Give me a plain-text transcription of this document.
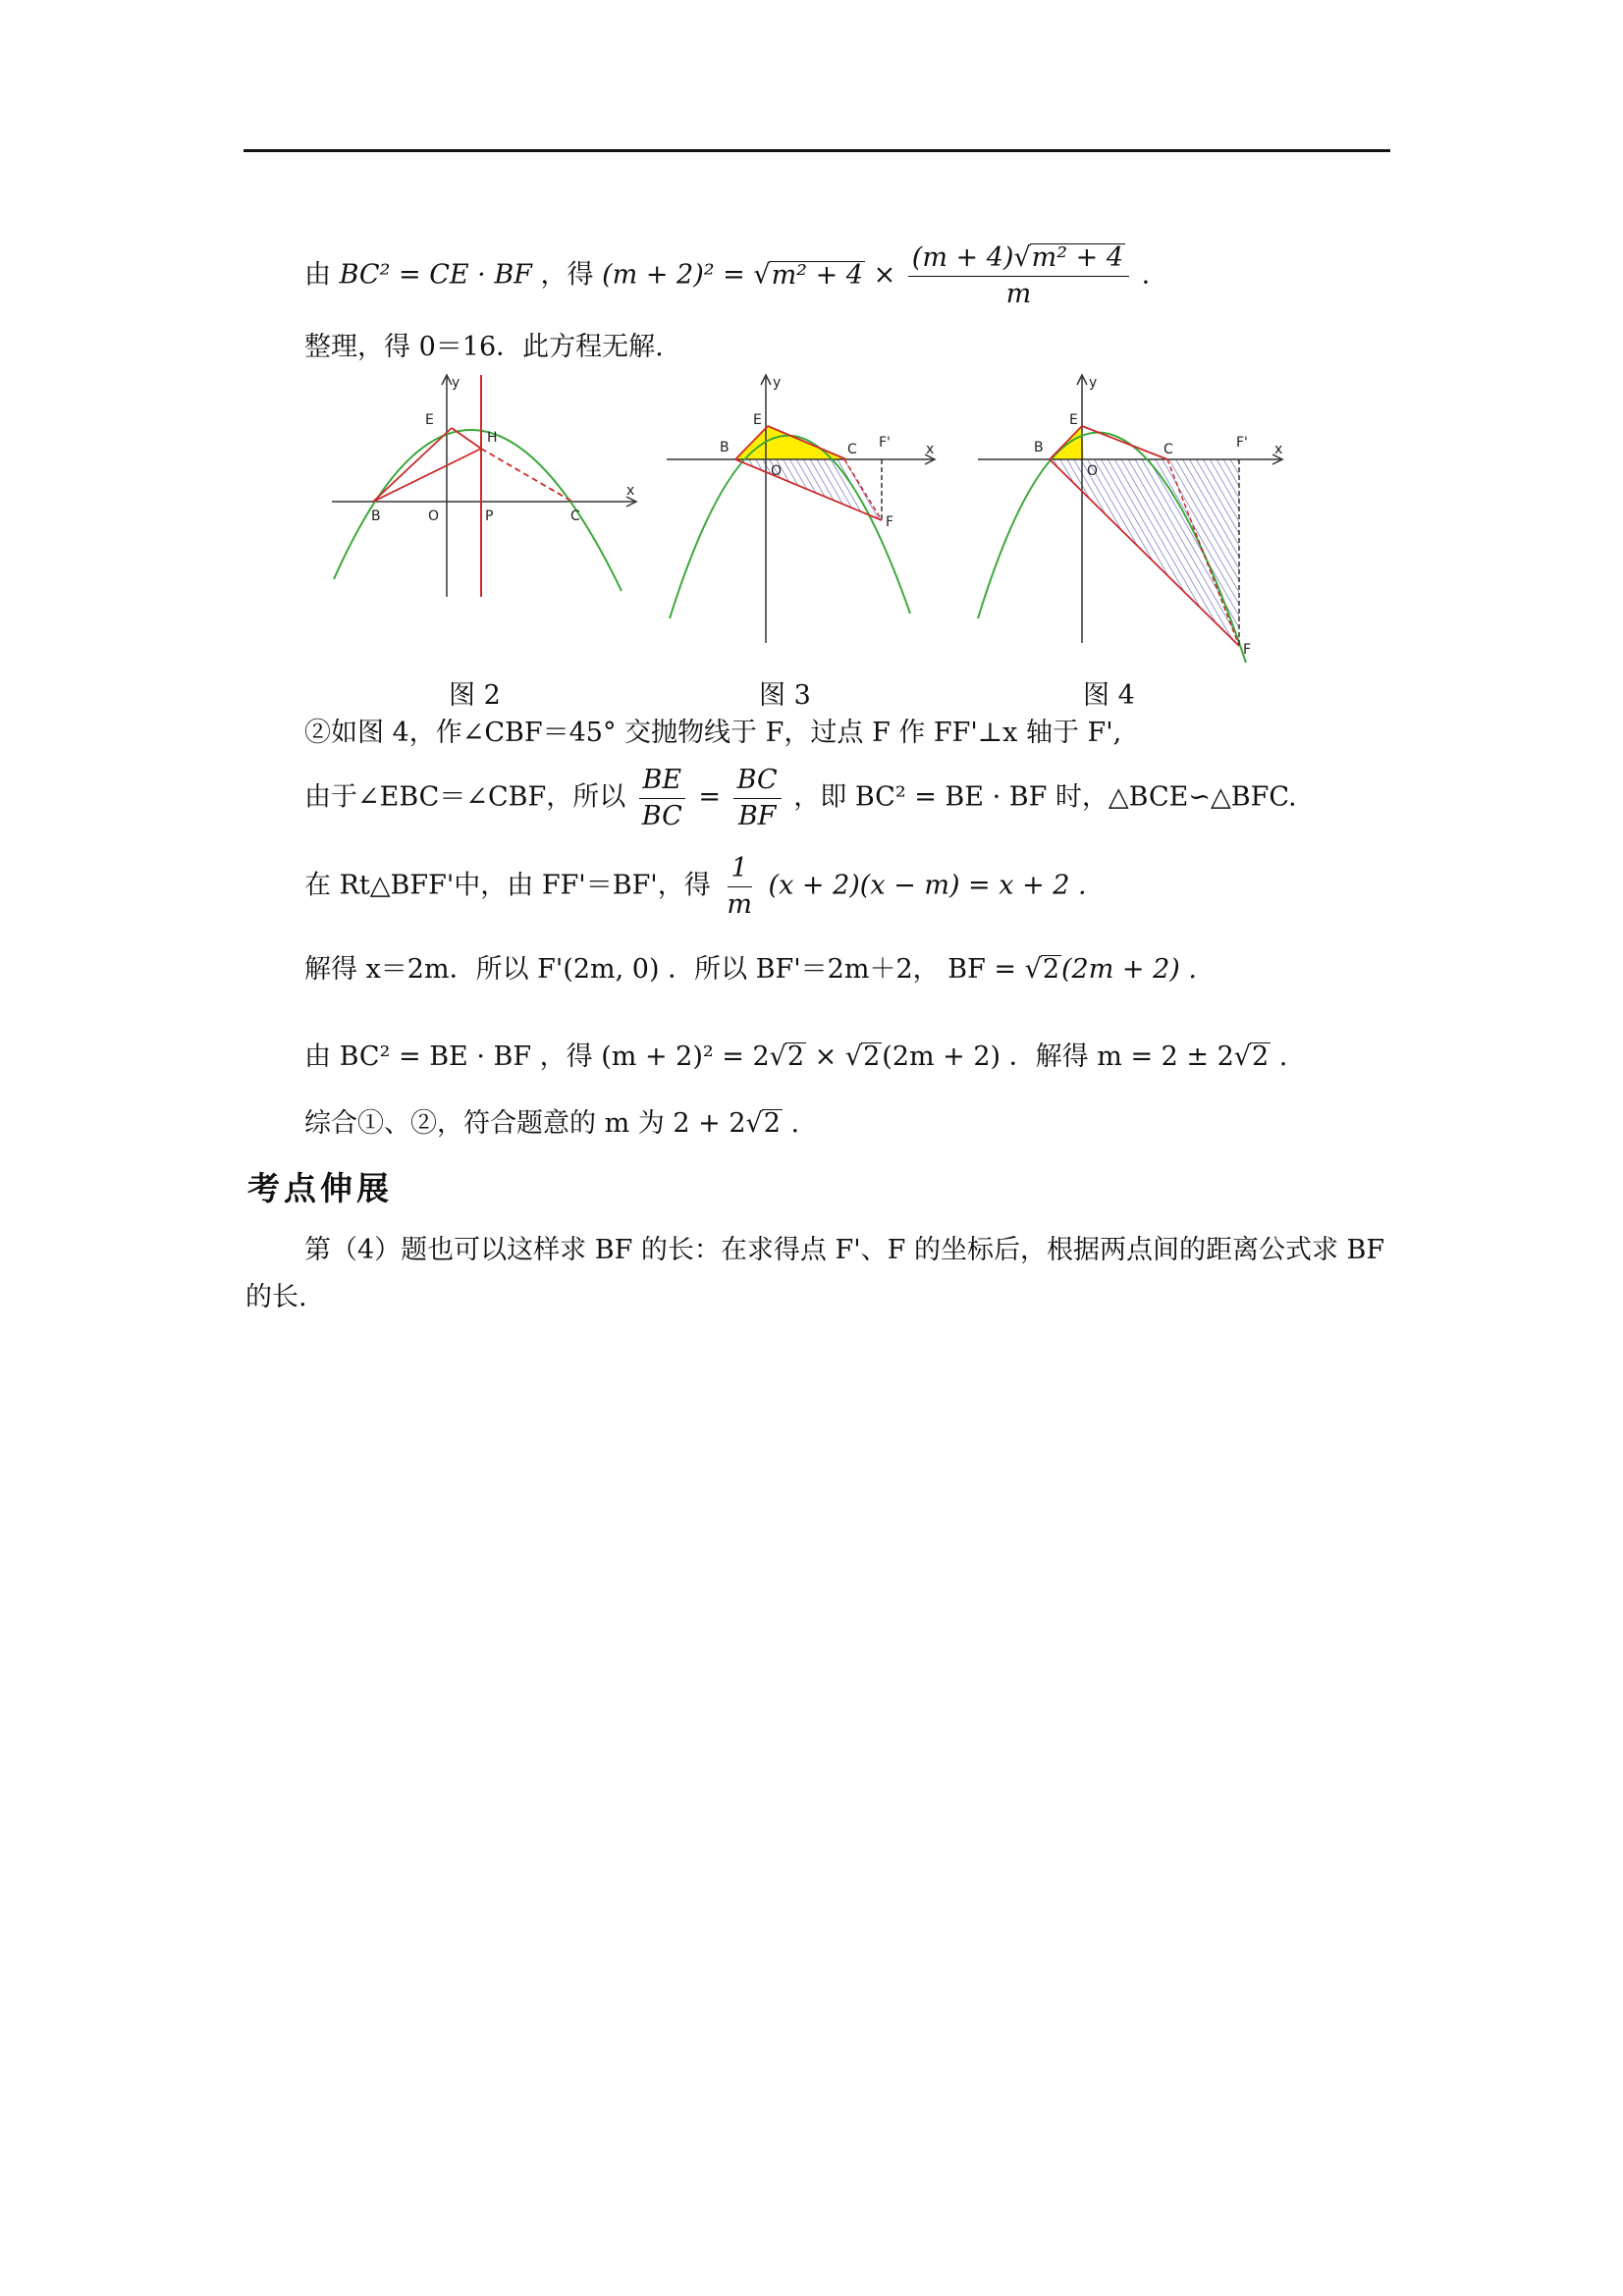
由 BC² = CE · BF ，得 $(m + 2)^2 = √m^2 + 4 \times \frac{\text{(m + 4)√m² + 4}}{m}$ .
整理，得 0＝16．此方程无解.
y
x
E
H
B	O	P	C
图 2
y
x
E
B
O
C F'
F
图 3
y
x
E
B
O
C	F'
F
图 4
②如图 4，作∠CBF＝45° 交抛物线于 F，过点 F 作 FF'⊥x 轴于 F',
由于∠EBC＝∠CBF，所以 $\frac{BE}{BC} = \frac{BC}{BF}$ ，即 BC² = BE · BF 时，△BCE∽△BFC.
在 Rt△BFF'中，由 FF'＝BF'，得 $\frac{1}{m} (x + 2)(x - m) = x + 2$ .
解得 x＝2m．所以 F'(2m, 0) ．所以 BF'＝2m＋2， BF = √2(2m + 2) .
由 BC² = BE · BF ，得 (m + 2)² = 2√2 × √2(2m + 2) ．解得 m = 2 ± 2√2 .
综合①、②，符合题意的 m 为 2 + 2√2 .
考点伸展
第（4）题也可以这样求 BF 的长：在求得点 F'、F 的坐标后，根据两点间的距离公式求 BF 的长.
